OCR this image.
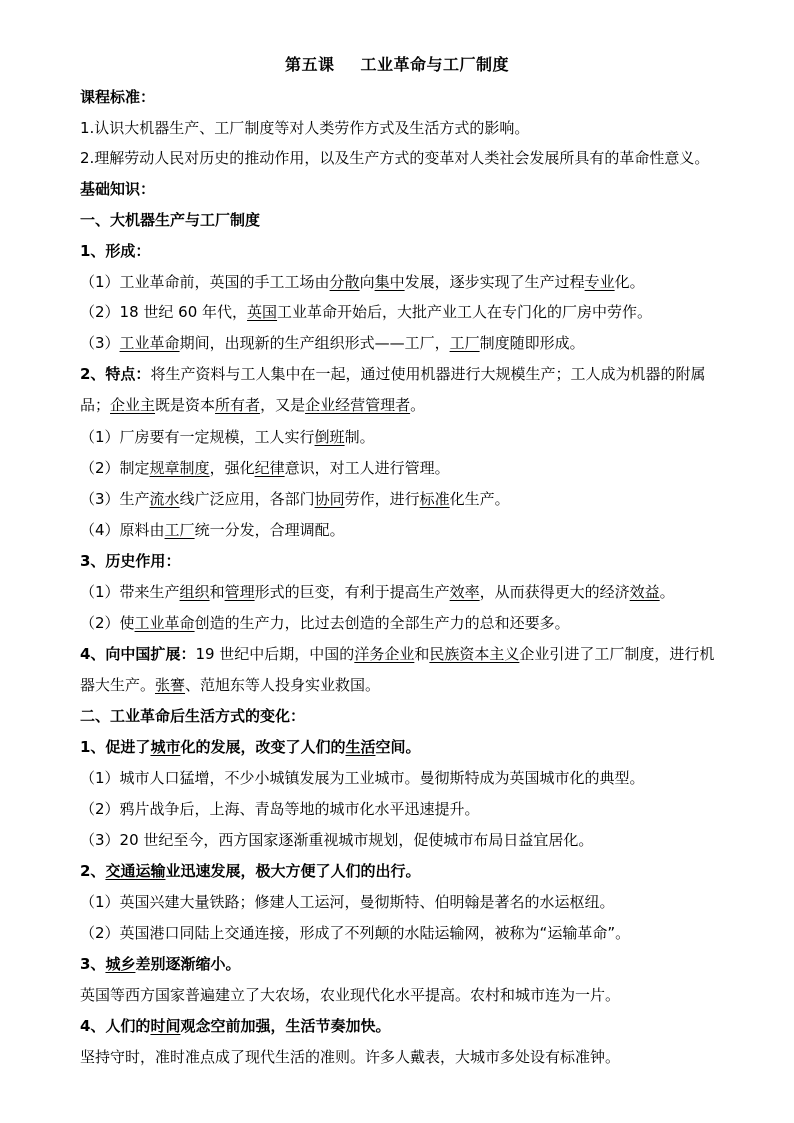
第五课 工业革命与工厂制度
课程标准：
1.认识大机器生产、工厂制度等对人类劳作方式及生活方式的影响。
2.理解劳动人民对历史的推动作用，以及生产方式的变革对人类社会发展所具有的革命性意义。
基础知识：
一、大机器生产与工厂制度
1、形成：
（1）工业革命前，英国的手工工场由分散向集中发展，逐步实现了生产过程专业化。
（2）18 世纪 60 年代，英国工业革命开始后，大批产业工人在专门化的厂房中劳作。
（3）工业革命期间，出现新的生产组织形式——工厂，工厂制度随即形成。
2、特点：将生产资料与工人集中在一起，通过使用机器进行大规模生产；工人成为机器的附属
品；企业主既是资本所有者，又是企业经营管理者。
（1）厂房要有一定规模，工人实行倒班制。
（2）制定规章制度，强化纪律意识，对工人进行管理。
（3）生产流水线广泛应用，各部门协同劳作，进行标准化生产。
（4）原料由工厂统一分发，合理调配。
3、历史作用：
（1）带来生产组织和管理形式的巨变，有利于提高生产效率，从而获得更大的经济效益。
（2）使工业革命创造的生产力，比过去创造的全部生产力的总和还要多。
4、向中国扩展：19 世纪中后期，中国的洋务企业和民族资本主义企业引进了工厂制度，进行机
器大生产。张謇、范旭东等人投身实业救国。
二、工业革命后生活方式的变化：
1、促进了城市化的发展，改变了人们的生活空间。
（1）城市人口猛增，不少小城镇发展为工业城市。曼彻斯特成为英国城市化的典型。
（2）鸦片战争后，上海、青岛等地的城市化水平迅速提升。
（3）20 世纪至今，西方国家逐渐重视城市规划，促使城市布局日益宜居化。
2、交通运输业迅速发展，极大方便了人们的出行。
（1）英国兴建大量铁路；修建人工运河，曼彻斯特、伯明翰是著名的水运枢纽。
（2）英国港口同陆上交通连接，形成了不列颠的水陆运输网，被称为“运输革命”。
3、城乡差别逐渐缩小。
英国等西方国家普遍建立了大农场，农业现代化水平提高。农村和城市连为一片。
4、人们的时间观念空前加强，生活节奏加快。
坚持守时，准时准点成了现代生活的准则。许多人戴表，大城市多处设有标准钟。
